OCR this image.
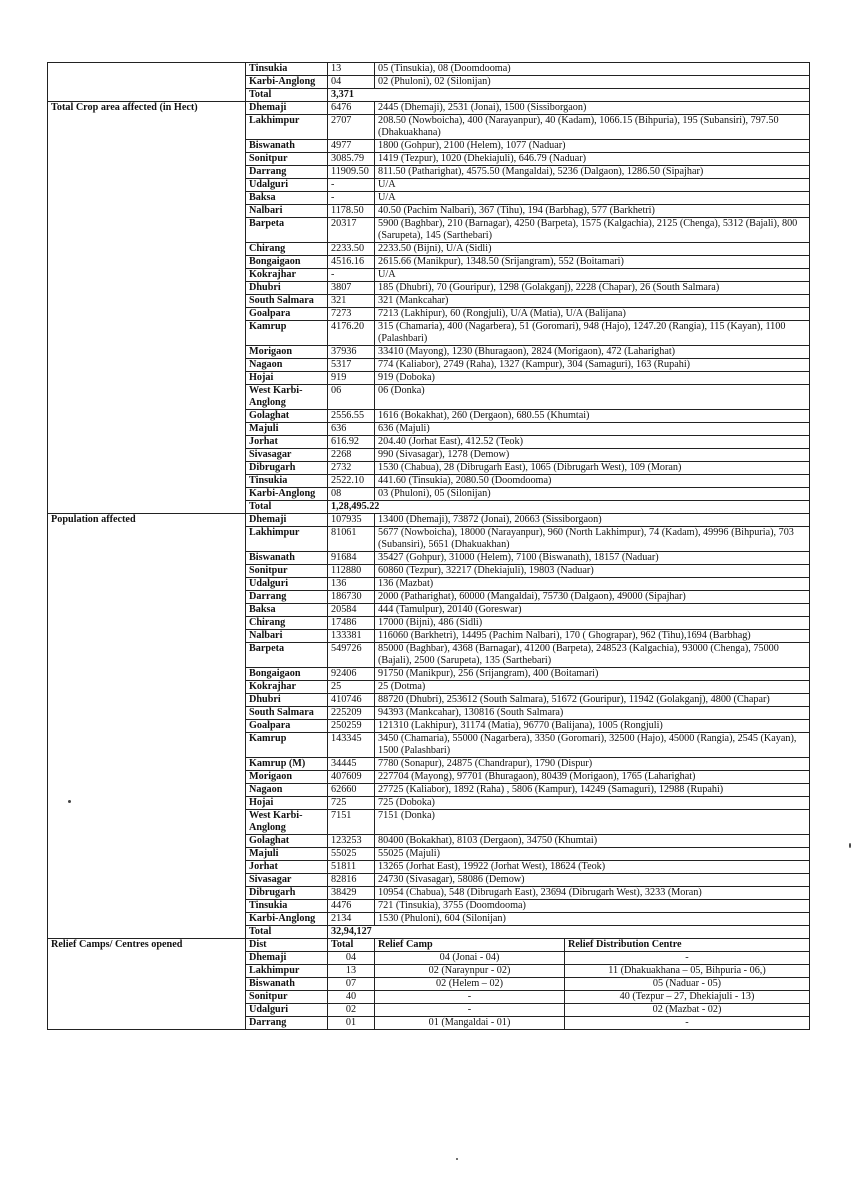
	Tinsukia	13	05 (Tinsukia), 08 (Doomdooma)	
	Karbi-Anglong	04	02 (Phuloni), 02 (Silonijan)	
	Total	3,371		
Total Crop area affected (in Hect)	Dhemaji	6476	2445 (Dhemaji), 2531 (Jonai), 1500 (Sissiborgaon)	
	Lakhimpur	2707	208.50 (Nowboicha), 400 (Narayanpur), 40 (Kadam), 1066.15 (Bihpuria), 195 (Subansiri), 797.50 (Dhakuakhana)	
	Biswanath	4977	1800 (Gohpur), 2100 (Helem), 1077 (Naduar)	
	Sonitpur	3085.79	1419 (Tezpur), 1020 (Dhekiajuli), 646.79 (Naduar)	
	Darrang	11909.50	811.50 (Patharighat), 4575.50 (Mangaldai), 5236 (Dalgaon), 1286.50 (Sipajhar)	
	Udalguri	-	U/A	
	Baksa	-	U/A	
	Nalbari	1178.50	40.50 (Pachim Nalbari), 367 (Tihu), 194 (Barbhag), 577 (Barkhetri)	
	Barpeta	20317	5900 (Baghbar), 210 (Barnagar), 4250 (Barpeta), 1575 (Kalgachia), 2125 (Chenga), 5312 (Bajali), 800 (Sarupeta), 145 (Sarthebari)	
	Chirang	2233.50	2233.50 (Bijni), U/A (Sidli)	
	Bongaigaon	4516.16	2615.66 (Manikpur), 1348.50 (Srijangram), 552 (Boitamari)	
	Kokrajhar	-	U/A	
	Dhubri	3807	185 (Dhubri), 70 (Gouripur), 1298 (Golakganj), 2228 (Chapar), 26 (South Salmara)	
	South Salmara	321	321 (Mankcahar)	
	Goalpara	7273	7213 (Lakhipur), 60 (Rongjuli), U/A (Matia), U/A (Balijana)	
	Kamrup	4176.20	315 (Chamaria), 400 (Nagarbera), 51 (Goromari), 948 (Hajo), 1247.20 (Rangia), 115 (Kayan), 1100 (Palashbari)	
	Morigaon	37936	33410 (Mayong), 1230 (Bhuragaon), 2824 (Morigaon), 472 (Laharighat)	
	Nagaon	5317	774 (Kaliabor), 2749 (Raha), 1327 (Kampur), 304 (Samaguri), 163 (Rupahi)	
	Hojai	919	919 (Doboka)	
	West Karbi-Anglong	06	06 (Donka)	
	Golaghat	2556.55	1616 (Bokakhat), 260 (Dergaon), 680.55 (Khumtai)	
	Majuli	636	636 (Majuli)	
	Jorhat	616.92	204.40 (Jorhat East), 412.52 (Teok)	
	Sivasagar	2268	990 (Sivasagar), 1278 (Demow)	
	Dibrugarh	2732	1530 (Chabua), 28 (Dibrugarh East), 1065 (Dibrugarh West), 109 (Moran)	
	Tinsukia	2522.10	441.60 (Tinsukia), 2080.50 (Doomdooma)	
	Karbi-Anglong	08	03 (Phuloni), 05 (Silonijan)	
	Total	1,28,495.22		
Population affected	Dhemaji	107935	13400 (Dhemaji), 73872 (Jonai), 20663 (Sissiborgaon)	
	Lakhimpur	81061	5677 (Nowboicha), 18000 (Narayanpur), 960 (North Lakhimpur), 74 (Kadam), 49996 (Bihpuria), 703 (Subansiri), 5651 (Dhakuakhan)	
	Biswanath	91684	35427 (Gohpur), 31000 (Helem), 7100 (Biswanath), 18157 (Naduar)	
	Sonitpur	112880	60860 (Tezpur), 32217 (Dhekiajuli), 19803 (Naduar)	
	Udalguri	136	136 (Mazbat)	
	Darrang	186730	2000 (Patharighat), 60000 (Mangaldai), 75730 (Dalgaon), 49000 (Sipajhar)	
	Baksa	20584	444 (Tamulpur), 20140 (Goreswar)	
	Chirang	17486	17000 (Bijni), 486 (Sidli)	
	Nalbari	133381	116060 (Barkhetri), 14495 (Pachim Nalbari), 170 ( Ghograpar), 962 (Tihu),1694 (Barbhag)	
	Barpeta	549726	85000 (Baghbar), 4368 (Barnagar), 41200 (Barpeta), 248523 (Kalgachia), 93000 (Chenga), 75000 (Bajali), 2500 (Sarupeta), 135 (Sarthebari)	
	Bongaigaon	92406	91750 (Manikpur), 256 (Srijangram), 400 (Boitamari)	
	Kokrajhar	25	25 (Dotma)	
	Dhubri	410746	88720 (Dhubri), 253612 (South Salmara), 51672 (Gouripur), 11942 (Golakganj), 4800 (Chapar)	
	South Salmara	225209	94393 (Mankcahar), 130816 (South Salmara)	
	Goalpara	250259	121310 (Lakhipur), 31174 (Matia), 96770 (Balijana), 1005 (Rongjuli)	
	Kamrup	143345	3450 (Chamaria), 55000 (Nagarbera), 3350 (Goromari), 32500 (Hajo), 45000 (Rangia), 2545 (Kayan), 1500 (Palashbari)	
	Kamrup (M)	34445	7780 (Sonapur), 24875 (Chandrapur), 1790 (Dispur)	
	Morigaon	407609	227704 (Mayong), 97701 (Bhuragaon), 80439 (Morigaon), 1765 (Laharighat)	
	Nagaon	62660	27725 (Kaliabor), 1892 (Raha) , 5806 (Kampur), 14249 (Samaguri), 12988 (Rupahi)	
	Hojai	725	725 (Doboka)	
	West Karbi-Anglong	7151	7151 (Donka)	
	Golaghat	123253	80400 (Bokakhat), 8103 (Dergaon), 34750 (Khumtai)	
	Majuli	55025	55025 (Majuli)	
	Jorhat	51811	13265 (Jorhat East), 19922 (Jorhat West), 18624 (Teok)	
	Sivasagar	82816	24730 (Sivasagar), 58086 (Demow)	
	Dibrugarh	38429	10954 (Chabua), 548 (Dibrugarh East), 23694 (Dibrugarh West), 3233 (Moran)	
	Tinsukia	4476	721 (Tinsukia), 3755 (Doomdooma)	
	Karbi-Anglong	2134	1530 (Phuloni), 604 (Silonijan)	
	Total	32,94,127		
Relief Camps/ Centres opened	Dist	Total	Relief Camp	Relief Distribution Centre
	Dhemaji	04	04 (Jonai - 04)	-
	Lakhimpur	13	02 (Naraynpur - 02)	11 (Dhakuakhana – 05, Bihpuria - 06,)
	Biswanath	07	02 (Helem – 02)	05 (Naduar - 05)
	Sonitpur	40	-	40 (Tezpur – 27, Dhekiajuli - 13)
	Udalguri	02	-	02 (Mazbat - 02)
	Darrang	01	01 (Mangaldai - 01)	-
